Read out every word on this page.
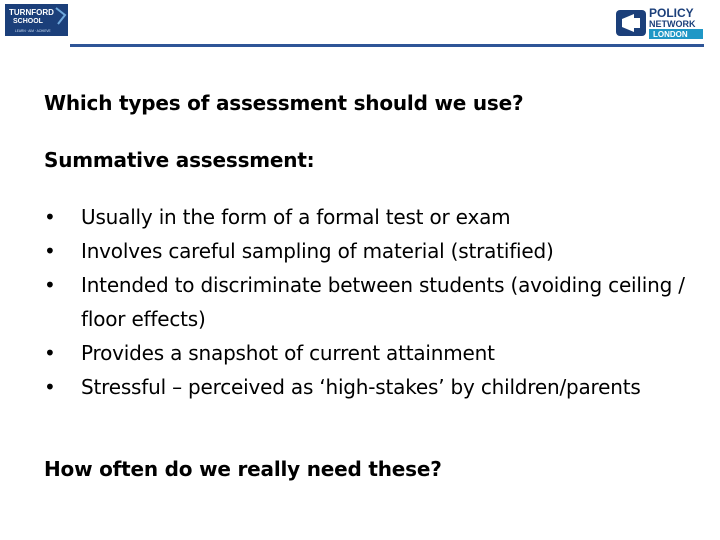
TURNFORD
SCHOOL
LEARN · AIM · ACHIEVE
POLICY
NETWORK
LONDON
Which types of assessment should we use?
Summative assessment:
•	Usually in the form of a formal test or exam
•	Involves careful sampling of material (stratified)
•	Intended to discriminate between students (avoiding ceiling / floor effects)
•	Provides a snapshot of current attainment
•	Stressful – perceived as ‘high-stakes’ by children/parents
How often do we really need these?
